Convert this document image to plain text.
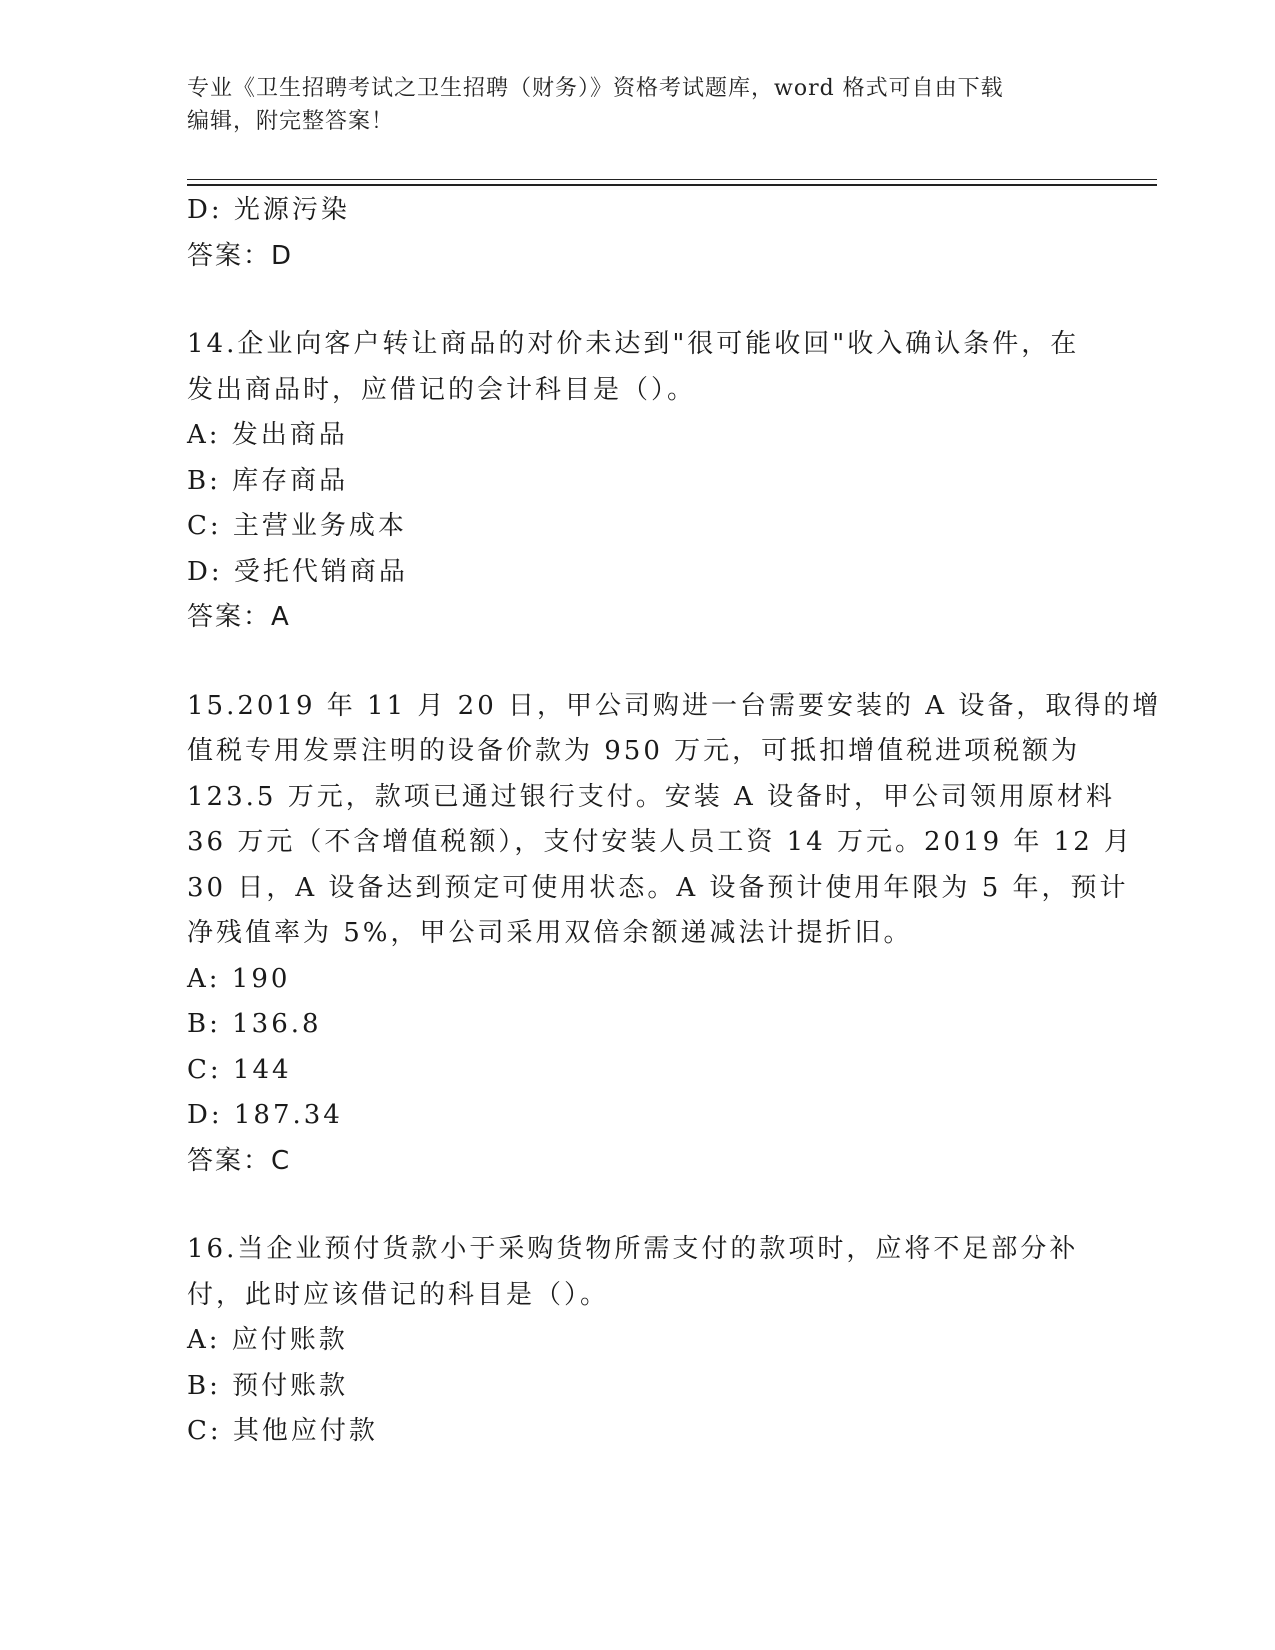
专业《卫生招聘考试之卫生招聘（财务）》资格考试题库，word 格式可自由下载
编辑，附完整答案！
D: 光源污染
答案：D
14.企业向客户转让商品的对价未达到"很可能收回"收入确认条件，在
发出商品时，应借记的会计科目是（）。
A: 发出商品
B: 库存商品
C: 主营业务成本
D: 受托代销商品
答案：A
15.2019 年 11 月 20 日，甲公司购进一台需要安装的 A 设备，取得的增
值税专用发票注明的设备价款为 950 万元，可抵扣增值税进项税额为
123.5 万元，款项已通过银行支付。安装 A 设备时，甲公司领用原材料
36 万元（不含增值税额），支付安装人员工资 14 万元。2019 年 12 月
30 日，A 设备达到预定可使用状态。A 设备预计使用年限为 5 年，预计
净残值率为 5%，甲公司采用双倍余额递减法计提折旧。
A: 190
B: 136.8
C: 144
D: 187.34
答案：C
16.当企业预付货款小于采购货物所需支付的款项时，应将不足部分补
付，此时应该借记的科目是（）。
A: 应付账款
B: 预付账款
C: 其他应付款
